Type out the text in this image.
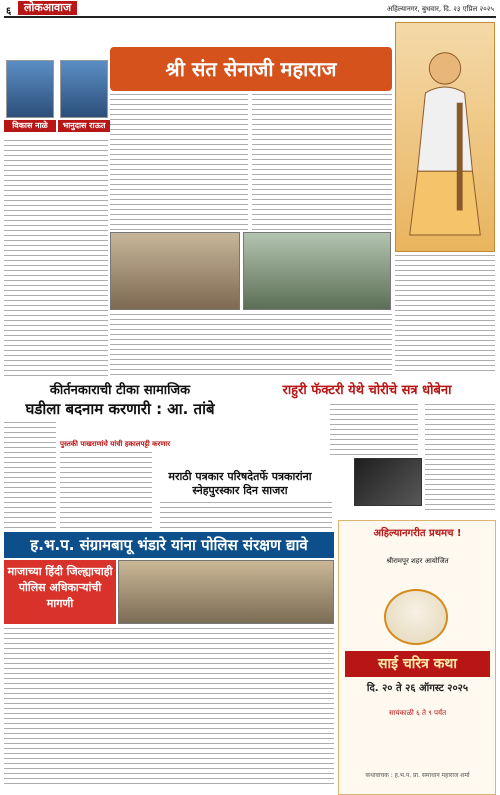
६	लोकआवाज	अहिल्यानगर, बुधवार, दि. २३ एप्रिल २०२५
श्री संत सेनाजी महाराज
विकास नाळे	भानुदास राऊत
कीर्तनकाराची टीका सामाजिक
घडीला बदनाम करणारी : आ. तांबे
पुस्तकी पाखराणांचे यांची हकालपट्टी करणार
राहुरी फॅक्टरी येथे चोरीचे सत्र धोबेना
मराठी पत्रकार परिषदेतर्फे पत्रकारांना स्नेहपुरस्कार दिन साजरा
अहिल्यानगरीत प्रथमच !
श्रीरामपूर शहर आयोजित
साई चरित्र कथा
दि. २० ते २६ ऑगस्ट २०२५
सायंकाळी ६ ते ९ पर्यंत
कथावाचक : ह.भ.प. प्रा. समाधान महाराज शर्मा
ह.भ.प. संग्रामबापू भंडारे यांना पोलिस संरक्षण द्यावे
माजाच्या हिंदी जिल्ह्याचाही पोलिस अधिकाऱ्यांची मागणी
